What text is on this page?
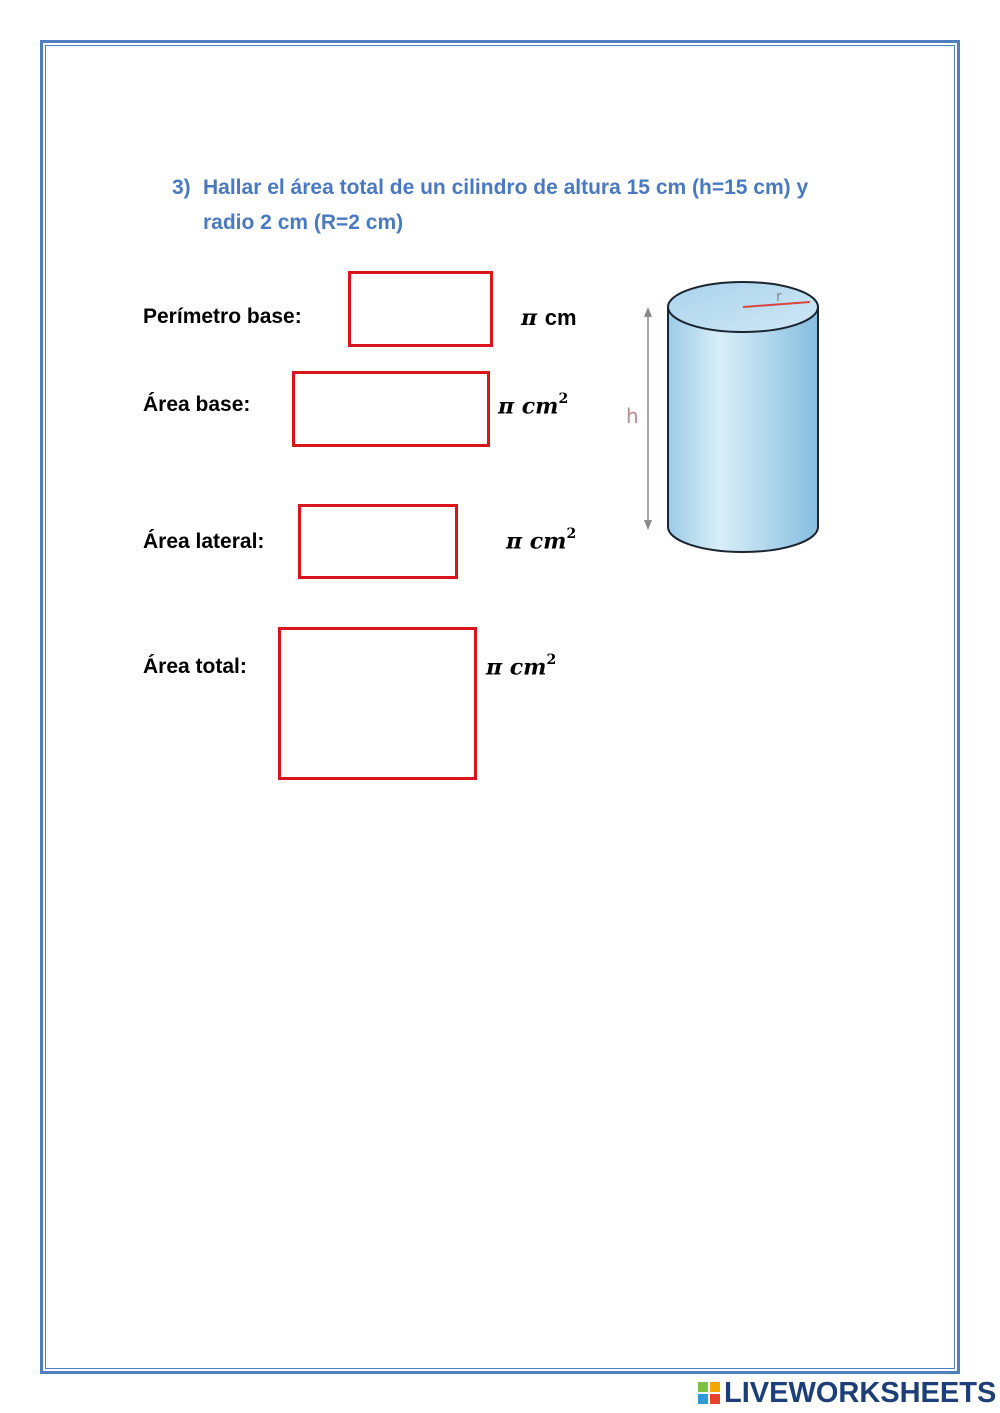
3) Hallar el área total de un cilindro de altura 15 cm (h=15 cm) y radio 2 cm (R=2 cm)
Perímetro base:	π cm
Área base:	π $cm^2$
Área lateral:	π $cm^2$
Área total:	π $cm^2$
r
h
LIVEWORKSHEETS
